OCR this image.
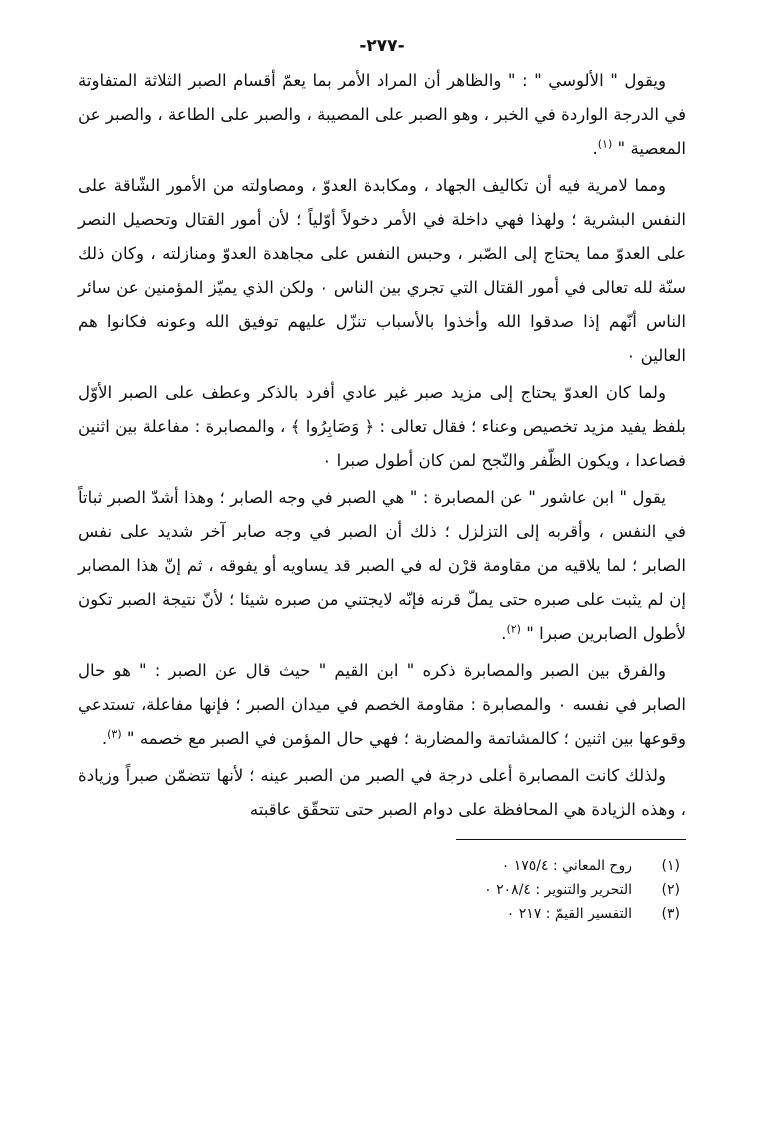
-٢٧٧-

ويقول " الألوسي " : " والظاهر أن المراد الأمر بما يعمّ أقسام الصبر الثلاثة المتفاوتة في الدرجة الواردة في الخبر ، وهو الصبر على المصيبة ، والصبر على الطاعة ، والصبر عن المعصية " $^{(١)}$.

ومما لامرية فيه أن تكاليف الجهاد ، ومكابدة العدوّ ، ومصاولته من الأمور الشّاقة على النفس البشرية ؛ ولهذا فهي داخلة في الأمر دخولاً أوّلياً ؛ لأن أمور القتال وتحصيل النصر على العدوّ مما يحتاج إلى الصّبر ، وحبس النفس على مجاهدة العدوّ ومنازلته ، وكان ذلك سنّة لله تعالى في أمور القتال التي تجري بين الناس ٠ ولكن الذي يميّز المؤمنين عن سائر الناس أنّهم إذا صدقوا الله وأخذوا بالأسباب تنزّل عليهم توفيق الله وعونه فكانوا هم العالين ٠

ولما كان العدوّ يحتاج إلى مزيد صبر غير عادي أفرد بالذكر وعطف على الصبر الأوّل بلفظ يفيد مزيد تخصيص وعناء ؛ فقال تعالى : ﴿ وَصَابِرُوا ﴾ ، والمصابرة : مفاعلة بين اثنين فصاعدا ، ويكون الظّفر والنّجح لمن كان أطول صبرا ٠

يقول " ابن عاشور " عن المصابرة : " هي الصبر في وجه الصابر ؛ وهذا أشدّ الصبر ثباتاً في النفس ، وأقربه إلى التزلزل ؛ ذلك أن الصبر في وجه صابر آخر شديد على نفس الصابر ؛ لما يلاقيه من مقاومة قرْن له في الصبر قد يساويه أو يفوقه ، ثم إنّ هذا المصابر إن لم يثبت على صبره حتى يملّ قرنه فإنّه لايجتني من صبره شيئا ؛ لأنّ نتيجة الصبر تكون لأطول الصابرين صبرا " $^{(٢)}$.

والفرق بين الصبر والمصابرة ذكره " ابن القيم " حيث قال عن الصبر : " هو حال الصابر في نفسه ٠ والمصابرة : مقاومة الخصم في ميدان الصبر ؛ فإنها مفاعلة، تستدعي وقوعها بين اثنين ؛ كالمشاتمة والمضاربة ؛ فهي حال المؤمن في الصبر مع خصمه " $^{(٣)}$.

ولذلك كانت المصابرة أعلى درجة في الصبر من الصبر عينه ؛ لأنها تتضمّن صبراً وزيادة ، وهذه الزيادة هي المحافظة على دوام الصبر حتى تتحقّق عاقبته

(١)
روح المعاني : ١٧٥/٤ ٠
(٢)
التحرير والتنوير : ٢٠٨/٤ ٠
(٣)
التفسير القيمّ : ٢١٧ ٠
